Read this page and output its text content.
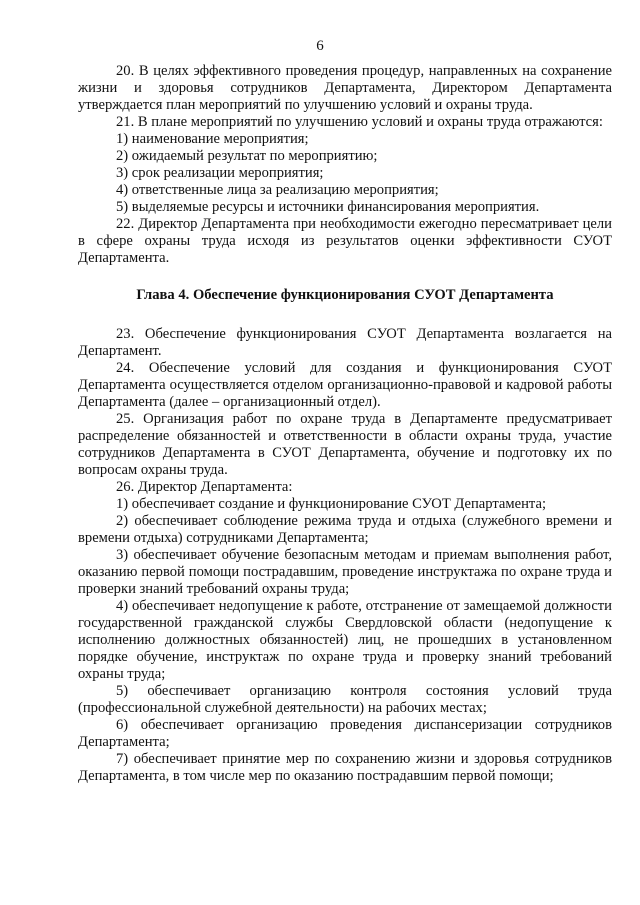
6

20. В целях эффективного проведения процедур, направленных на сохранение жизни и здоровья сотрудников Департамента, Директором Департамента утверждается план мероприятий по улучшению условий и охраны труда.

21. В плане мероприятий по улучшению условий и охраны труда отражаются:

1) наименование мероприятия;

2) ожидаемый результат по мероприятию;

3) срок реализации мероприятия;

4) ответственные лица за реализацию мероприятия;

5) выделяемые ресурсы и источники финансирования мероприятия.

22. Директор Департамента при необходимости ежегодно пересматривает цели в сфере охраны труда исходя из результатов оценки эффективности СУОТ Департамента.

Глава 4. Обеспечение функционирования СУОТ Департамента

23. Обеспечение функционирования СУОТ Департамента возлагается на Департамент.

24. Обеспечение условий для создания и функционирования СУОТ Департамента осуществляется отделом организационно-правовой и кадровой работы Департамента (далее – организационный отдел).

25. Организация работ по охране труда в Департаменте предусматривает распределение обязанностей и ответственности в области охраны труда, участие сотрудников Департамента в СУОТ Департамента, обучение и подготовку их по вопросам охраны труда.

26. Директор Департамента:

1) обеспечивает создание и функционирование СУОТ Департамента;

2) обеспечивает соблюдение режима труда и отдыха (служебного времени и времени отдыха) сотрудниками Департамента;

3) обеспечивает обучение безопасным методам и приемам выполнения работ, оказанию первой помощи пострадавшим, проведение инструктажа по охране труда и проверки знаний требований охраны труда;

4) обеспечивает недопущение к работе, отстранение от замещаемой должности государственной гражданской службы Свердловской области (недопущение к исполнению должностных обязанностей) лиц, не прошедших в установленном порядке обучение, инструктаж по охране труда и проверку знаний требований охраны труда;

5) обеспечивает организацию контроля состояния условий труда (профессиональной служебной деятельности) на рабочих местах;

6) обеспечивает организацию проведения диспансеризации сотрудников Департамента;

7) обеспечивает принятие мер по сохранению жизни и здоровья сотрудников Департамента, в том числе мер по оказанию пострадавшим первой помощи;
